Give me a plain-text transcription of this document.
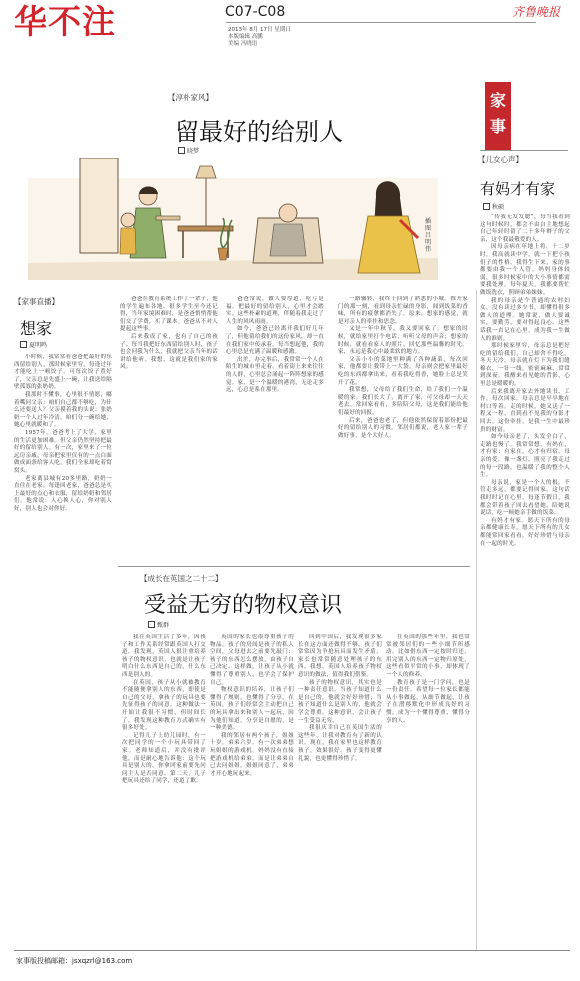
华不注	C07-C08
2013年 8月 17日 星期日
本版编辑 高鹏
美编 冯晓语
齐鲁晚报
【淳朴家风】
留最好的给别人
晓梦
插图 吕明伟
家事
【儿女心声】
有妈才有家
秋硕

“传我无发发腮”，每当我看到这句时候时，都会不由自主地想起自己年轻时留了二十多年辫子的父亲，这个我最敬爱的人。

因母亲病在年地上将，十二岁时，我高就读中学，就一下把小孩们子的性格，我得生下来，家的事都要由我一个人管。妈妈身体较弱，很多时候家中的大小事情都需要我处理。每年夏天，我都要帮忙做饭洗衣，照顾弟弟妹妹。

我的母亲是个普通的农村妇女，没有读过多少书，却懂得很多做人的道理。她常说，做人要诚实，要勤劳，要对得起良心。这些话我一直记在心里，成为我一生做人的准则。

那时候家里穷，母亲总是把好吃的留给我们，自己却舍不得吃。冬天天冷，母亲就在灯下为我们缝棉衣，一针一线，密密麻麻，常常到深夜。我醒来看见她的背影，心里总是暖暖的。

后来我离开家去外地读书、工作，每次回家，母亲总是早早地在村口等着。走的时候，她又送了一程又一程，直到看不见我的身影才回去。这份牵挂，是我一生中最珍贵的财富。

如今母亲老了，头发全白了，走路也慢了。我常常想，有妈在，才有家；有家在，心才有归宿。母亲的爱，像一盏灯，照亮了我走过的每一段路，也温暖了我的整个人生。

母亲说，家是一个人的根，不管走多远，都要记得回家。这句话我时时记在心里，每逢节假日，我都会带着孩子回去看望她，陪她说说话，吃一顿她亲手做的饭菜。

有妈才有家。愿天下所有的母亲都健康长寿，愿天下所有的儿女都能常回家看看，好好珍惜与母亲在一起的时光。

【家事直播】
想家
夏明鸣

小时候，我常常看爸爸把最好的东西留给别人。那时候家里穷，每逢过年才能吃上一顿饺子。可每次饺子煮好了，父亲总是先盛上一碗，让我送给隔壁孤寡的张奶奶。

我那时不懂事，心里很不情愿，嘟着嘴问父亲：咱们自己都不够吃，为什么还要送人？父亲摸着我的头说：张奶奶一个人过年冷清，咱们分一碗给她，她心里就暖和了。

1957年，爸爸考上了大学，家里的生活更加困难。但父亲仍然坚持把最好的留给别人。有一次，家里来了一位远房亲戚，母亲把家里仅有的一点白面做成面条给客人吃，我们全家却吃着窝窝头。

老家离县城有20多里路，奶奶一直住在老家。每逢回老家，爸爸总是买上最好的点心和衣服，留给奶奶和邻居们。他常说：人心换人心，你对别人好，别人也会对你好。

爸爸在教育系统工作了一辈子，他的学生遍布各地。很多学生至今还记得，当年家境困难时，是爸爸悄悄帮他们交了学费，买了课本。爸爸从不对人提起这些事。

后来我成了家，也有了自己的孩子。每当我把好东西留给别人时，孩子也会问我为什么，我就把父亲当年的话讲给他听。我想，这就是我们家的家风。

爸爸常说，做人要厚道，吃亏是福。把最好的留给别人，心里才会踏实。这些朴素的道理，伴随着我走过了人生的风风雨雨。

如今，爸爸已经离开我们好几年了，但他留给我们的这份家风，却一直在我们家中传承着。每当想起他，我的心里总是充满了温暖和感激。

出差，办完事后，我常常一个人在陌生的城市里走着。看着街上来来往往的人群，心里总会涌起一阵阵想家的感觉。家，是一个温暖的港湾，无论走多远，心总是系在那里。

一路辗转，我终于回到了熟悉的小城。推开家门的那一刻，看到母亲忙碌的身影，闻到饭菜的香味，所有的疲惫都消失了。原来，想家的感觉，就是对亲人的牵挂和思念。

又是一年中秋节，我又要回家了。想家的时候，就给家里打个电话，听听父母的声音；想家的时候，就看看家人的照片，回忆那些温馨的时光。家，永远是我心中最柔软的地方。

父亲小小的菜地里种满了各种蔬菜，每次回家，他都要让我带上一大袋。母亲则会把家里最好吃的东西都拿出来，看着我吃得香，她脸上总是笑开了花。

我常想，父母给了我们生命，给了我们一个温暖的家。我们长大了，离开了家，可父母却一天天老去。常回家看看，多陪陪父母，这是我们能给他们最好的回报。

后来，爸爸也老了，但他依然保留着那份把最好的留给别人的习惯。邻居们都说，老人家一辈子做好事，是个大好人。

【成长在英国之二十二】
受益无穷的物权意识
甄群

我在英国生活了多年，因孩子和工作关系经常跟英国人打交道。我发现，英国人很注重培养孩子的物权意识，也就是让孩子明白什么东西是自己的，什么东西是别人的。

在英国，孩子从小就被教育不能随便拿别人的东西，即使是自己的父母，拿孩子的玩具也要先征得孩子的同意。这种做法一开始让我很不习惯，但时间长了，我发现这种教育方式确实有很多好处。

记得儿子上幼儿园时，有一次把同学的一个小玩具带回了家。老师知道后，并没有批评他，而是耐心地告诉他：这个玩具是别人的，你拿回家前要先问问主人是否同意。第二天，儿子把玩具还给了同学，还道了歉。

英国的家长也很尊重孩子的物品。孩子的房间是孩子的私人空间，父母进去之前要先敲门；孩子的东西怎么摆放，由孩子自己决定。这样做，让孩子从小就懂得了尊重别人，也学会了保护自己。

物权意识的培养，让孩子们懂得了规则，也懂得了分享。在英国，孩子们经常会主动把自己的玩具拿出来和别人一起玩，因为他们知道，分享是自愿的，是一种美德。

我的邻居有两个孩子，姐姐十岁，弟弟六岁。有一次弟弟想玩姐姐的游戏机，妈妈没有直接把游戏机给弟弟，而是让弟弟自己去问姐姐。姐姐同意了，弟弟才开心地玩起来。

回到中国后，我发现很多家长在这方面还做得不够。孩子们常常因为争抢玩具而发生矛盾，家长也常常随意处理孩子的东西。我想，英国人培养孩子物权意识的做法，值得我们借鉴。

孩子的物权意识，其实也是一种责任意识。当孩子知道什么是自己的，他就会好好珍惜；当孩子知道什么是别人的，他就会学会尊重。这种意识，会让孩子一生受益无穷。

我很庆幸自己在英国生活的这些年，让我对教育有了新的认识。现在，我在家里也这样教育孩子，效果很好。孩子变得更懂礼貌，也更懂得珍惜了。

在英国的那些年里，我也常常被邻居们的一些小细节所感动。比如借东西一定按时归还，用完别人的东西一定物归原处，这些看似平常的小事，却体现了一个人的修养。

教育孩子是一门学问，也是一份责任。希望每一位家长都能从小事做起，从细节做起，让孩子在潜移默化中形成良好的习惯，成为一个懂得尊重、懂得分享的人。

家事版投稿邮箱：jsxqzrl@163.com
